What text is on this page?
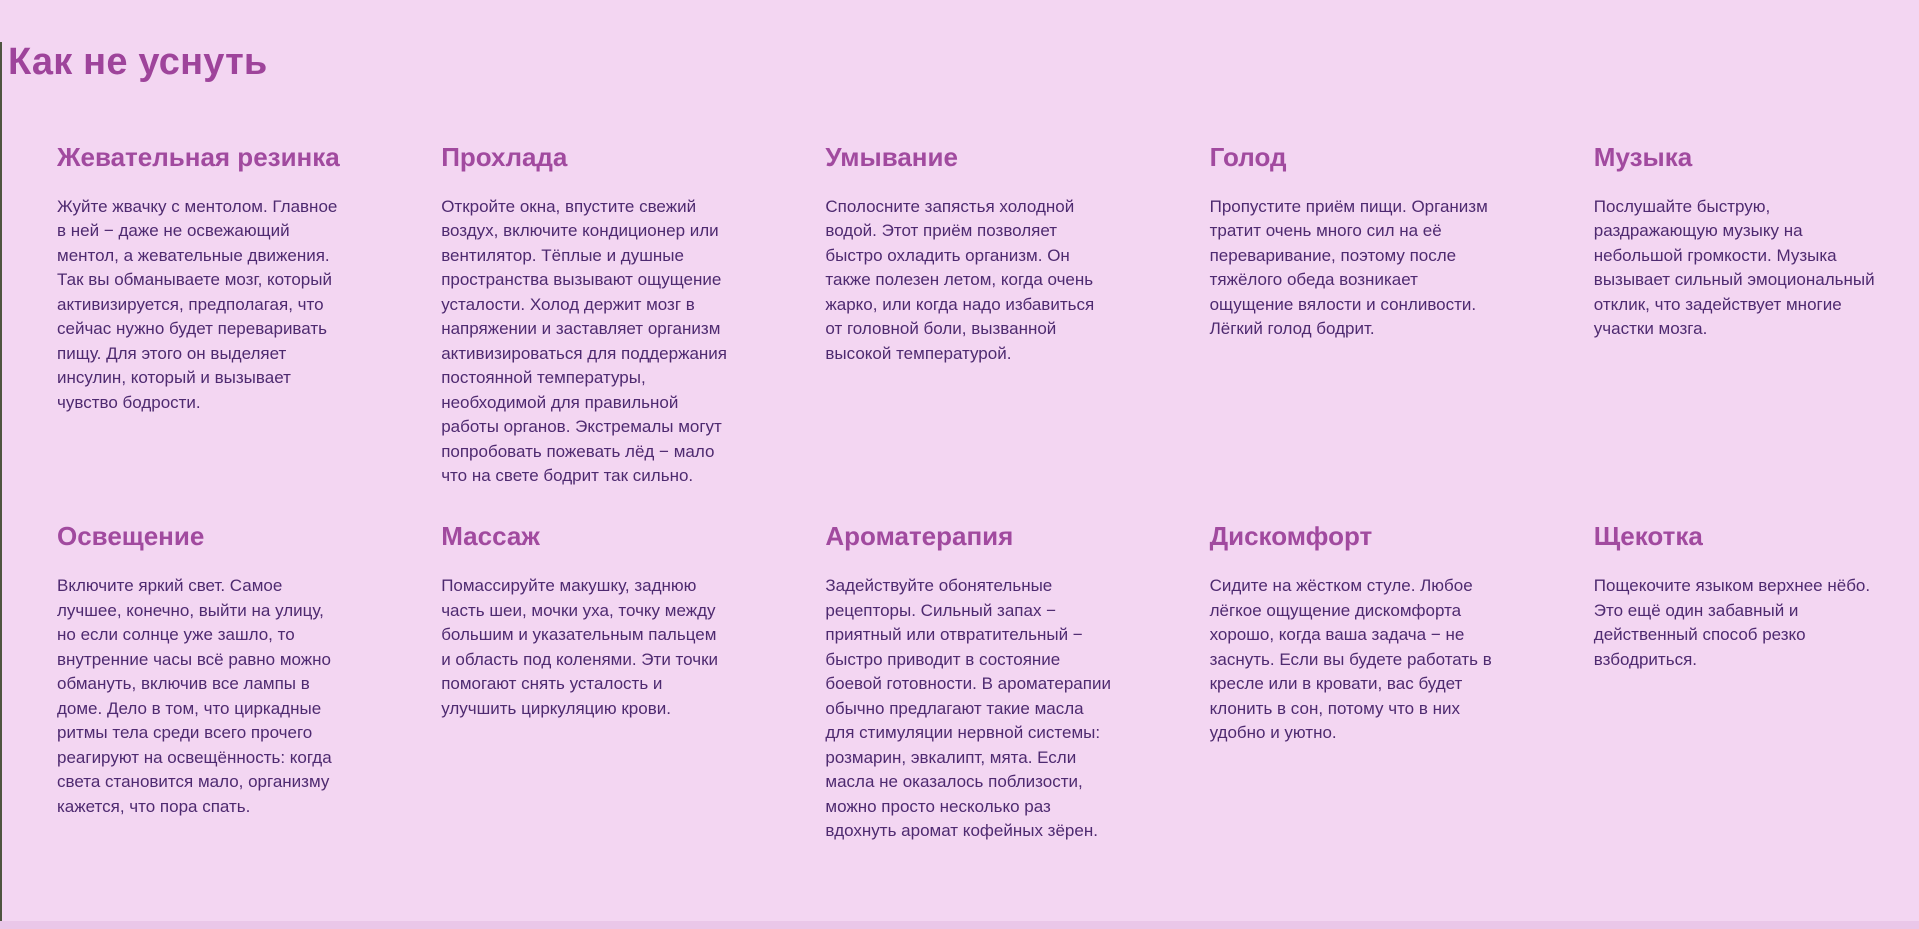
Как не уснуть
Жевательная резинка

Жуйте жвачку с ментолом. Главное в ней − даже не освежающий ментол, а жевательные движения. Так вы обманываете мозг, который активизируется, предполагая, что сейчас нужно будет переваривать пищу. Для этого он выделяет инсулин, который и вызывает чувство бодрости.

Прохлада

Откройте окна, впустите свежий воздух, включите кондиционер или вентилятор. Тёплые и душные пространства вызывают ощущение усталости. Холод держит мозг в напряжении и заставляет организм активизироваться для поддержания постоянной температуры, необходимой для правильной работы органов. Экстремалы могут попробовать пожевать лёд − мало что на свете бодрит так сильно.

Умывание

Сполосните запястья холодной водой. Этот приём позволяет быстро охладить организм. Он также полезен летом, когда очень жарко, или когда надо избавиться от головной боли, вызванной высокой температурой.

Голод

Пропустите приём пищи. Организм тратит очень много сил на её переваривание, поэтому после тяжёлого обеда возникает ощущение вялости и сонливости. Лёгкий голод бодрит.

Музыка

Послушайте быструю, раздражающую музыку на небольшой громкости. Музыка вызывает сильный эмоциональный отклик, что задействует многие участки мозга.

Освещение

Включите яркий свет. Самое лучшее, конечно, выйти на улицу, но если солнце уже зашло, то внутренние часы всё равно можно обмануть, включив все лампы в доме. Дело в том, что циркадные ритмы тела среди всего прочего реагируют на освещённость: когда света становится мало, организму кажется, что пора спать.

Массаж

Помассируйте макушку, заднюю часть шеи, мочки уха, точку между большим и указательным пальцем и область под коленями. Эти точки помогают снять усталость и улучшить циркуляцию крови.

Ароматерапия

Задействуйте обонятельные рецепторы. Сильный запах − приятный или отвратительный − быстро приводит в состояние боевой готовности. В ароматерапии обычно предлагают такие масла для стимуляции нервной системы: розмарин, эвкалипт, мята. Если масла не оказалось поблизости, можно просто несколько раз вдохнуть аромат кофейных зёрен.

Дискомфорт

Сидите на жёстком стуле. Любое лёгкое ощущение дискомфорта хорошо, когда ваша задача − не заснуть. Если вы будете работать в кресле или в кровати, вас будет клонить в сон, потому что в них удобно и уютно.

Щекотка

Пощекочите языком верхнее нёбо. Это ещё один забавный и действенный способ резко взбодриться.
